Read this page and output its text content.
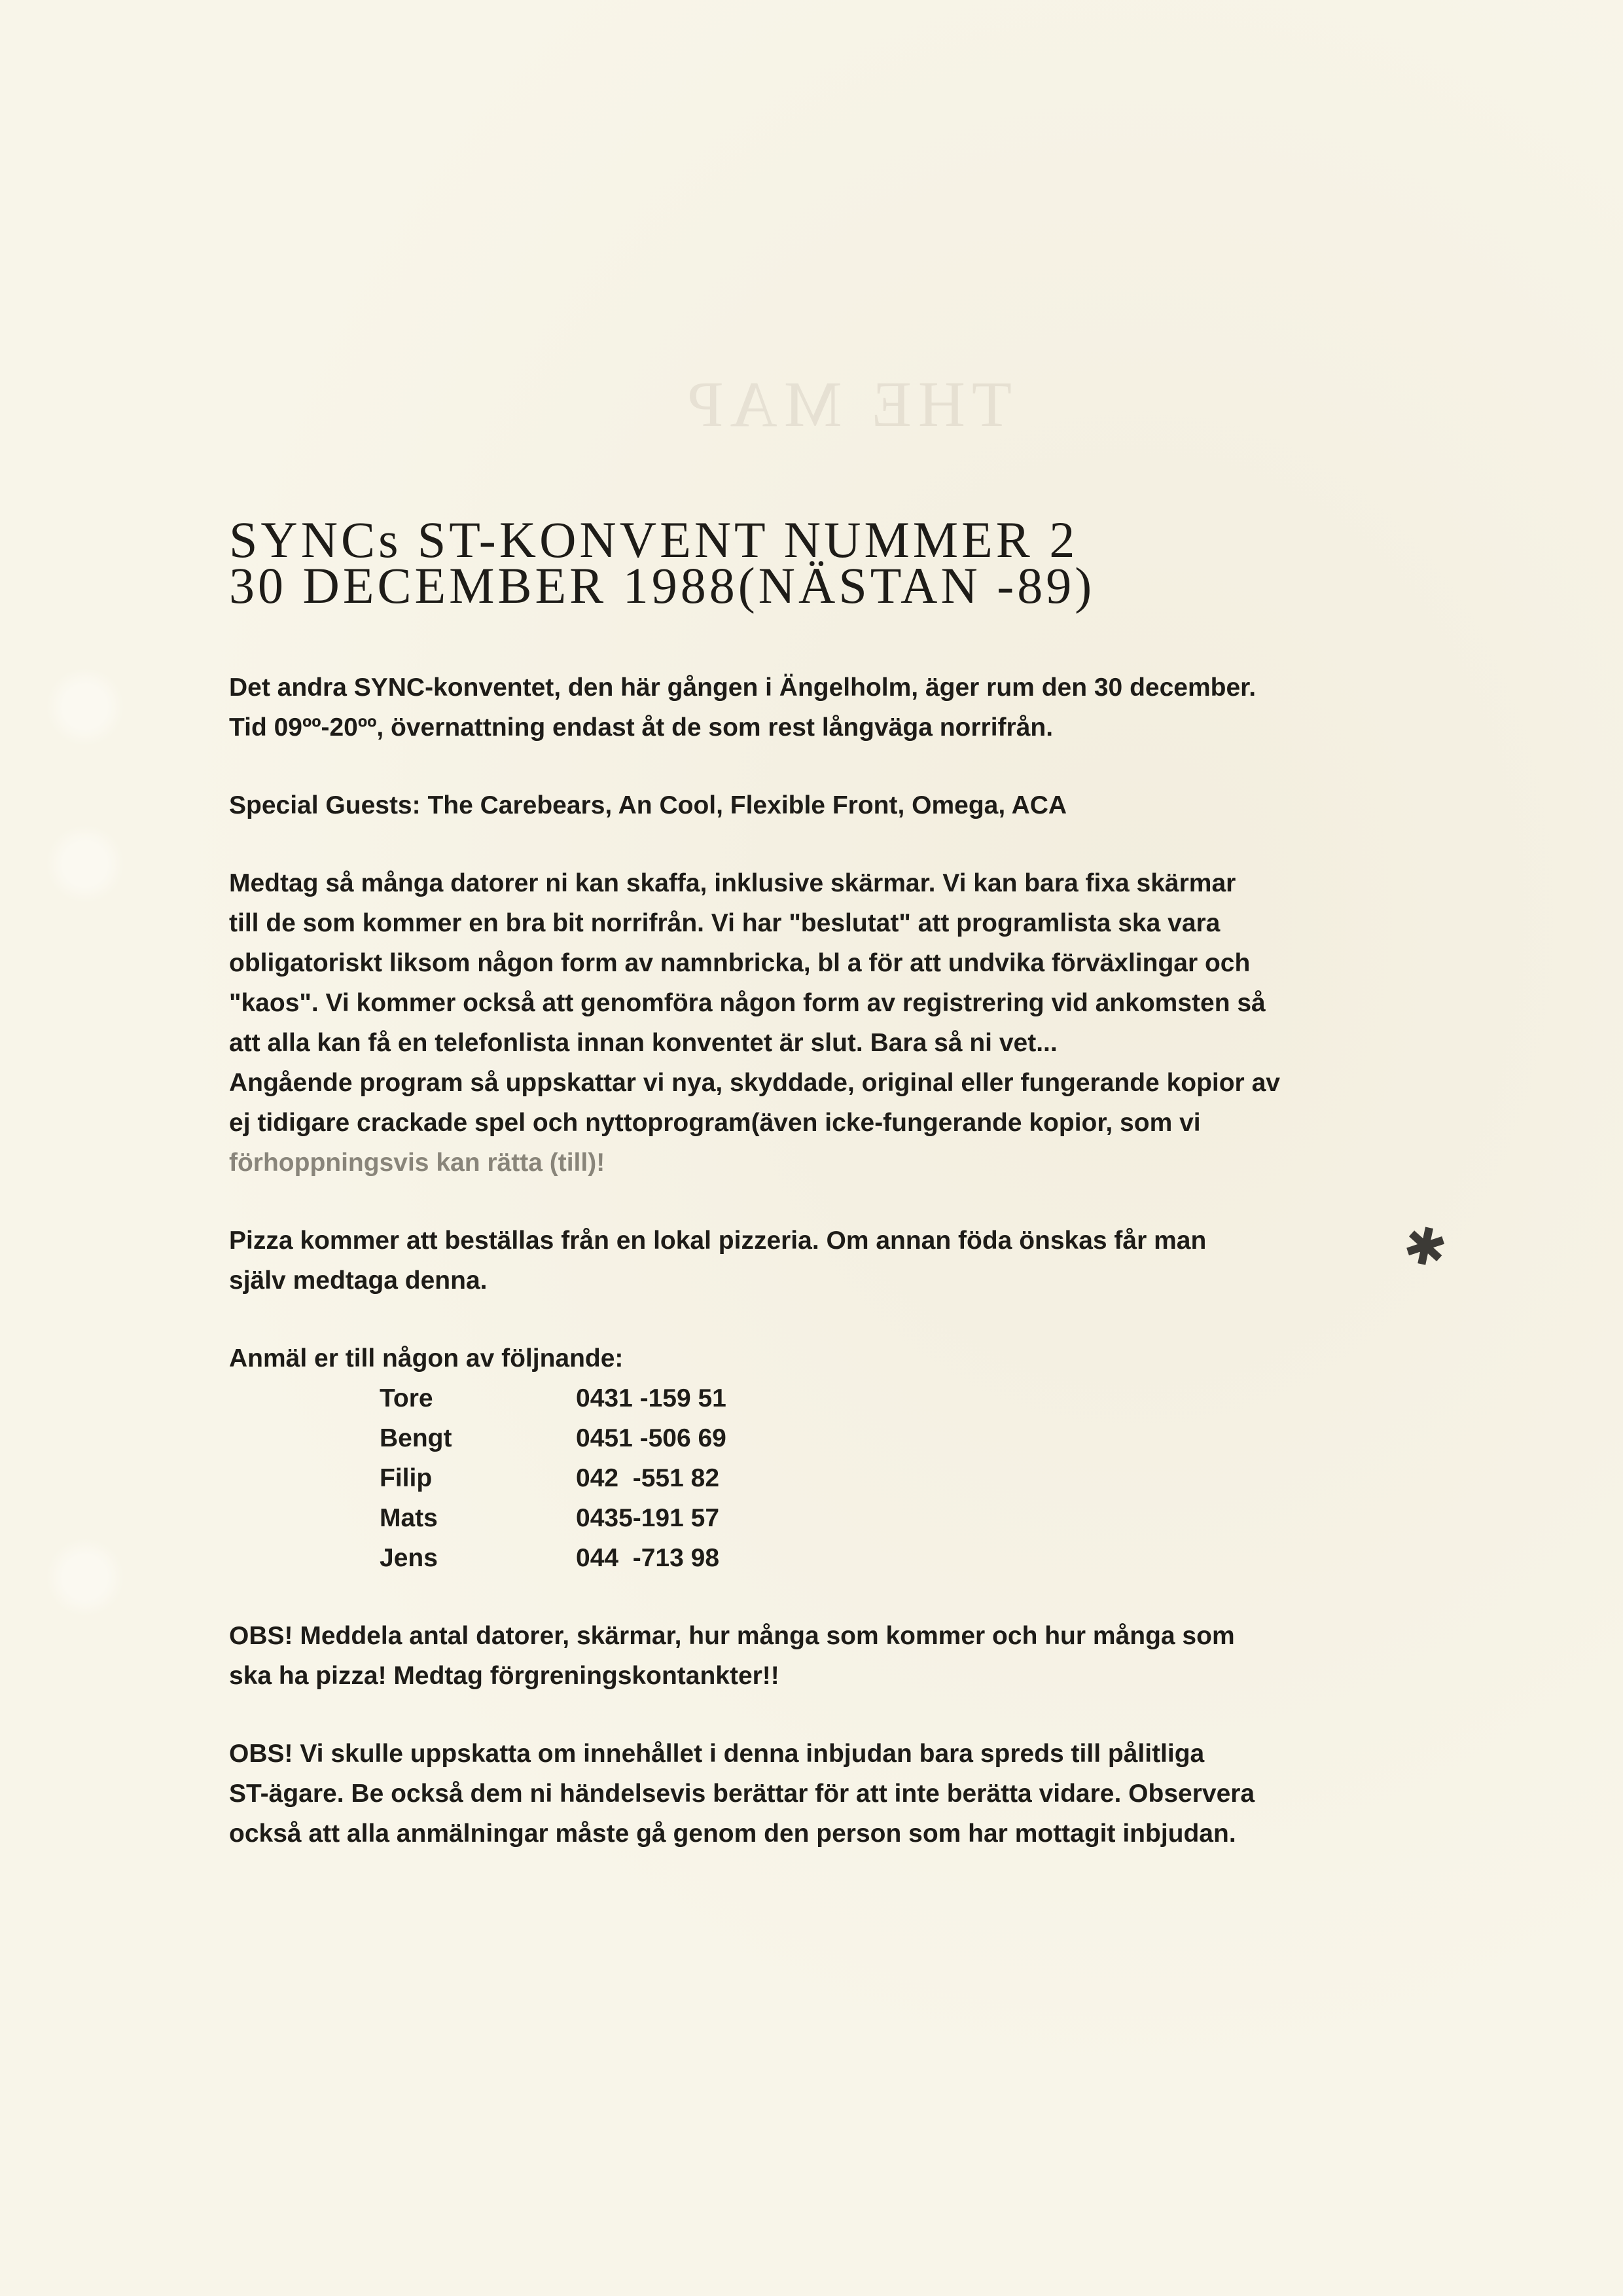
THE MAP
SYNCs ST-KONVENT NUMMER 2
30 DECEMBER 1988(NÄSTAN -89)

Det andra SYNC-konventet, den här gången i Ängelholm, äger rum den 30 december.
Tid 09ºº-20ºº, övernattning endast åt de som rest långväga norrifrån.

Special Guests: The Carebears, An Cool, Flexible Front, Omega, ACA

Medtag så många datorer ni kan skaffa, inklusive skärmar. Vi kan bara fixa skärmar
till de som kommer en bra bit norrifrån. Vi har "beslutat" att programlista ska vara
obligatoriskt liksom någon form av namnbricka, bl a för att undvika förväxlingar och
"kaos". Vi kommer också att genomföra någon form av registrering vid ankomsten så
att alla kan få en telefonlista innan konventet är slut. Bara så ni vet...
Angående program så uppskattar vi nya, skyddade, original eller fungerande kopior av
ej tidigare crackade spel och nyttoprogram(även icke-fungerande kopior, som vi
förhoppningsvis kan rätta (till)!

Pizza kommer att beställas från en lokal pizzeria. Om annan föda önskas får man
själv medtaga denna.

Anmäl er till någon av följnande:

Tore	0431 -159 51
Bengt	0451 -506 69
Filip	042  -551 82
Mats	0435-191 57
Jens	044  -713 98

OBS! Meddela antal datorer, skärmar, hur många som kommer och hur många som
ska ha pizza! Medtag förgreningskontankter!!

OBS! Vi skulle uppskatta om innehållet i denna inbjudan bara spreds till pålitliga
ST-ägare. Be också dem ni händelsevis berättar för att inte berätta vidare. Observera
också att alla anmälningar måste gå genom den person som har mottagit inbjudan.

✱
